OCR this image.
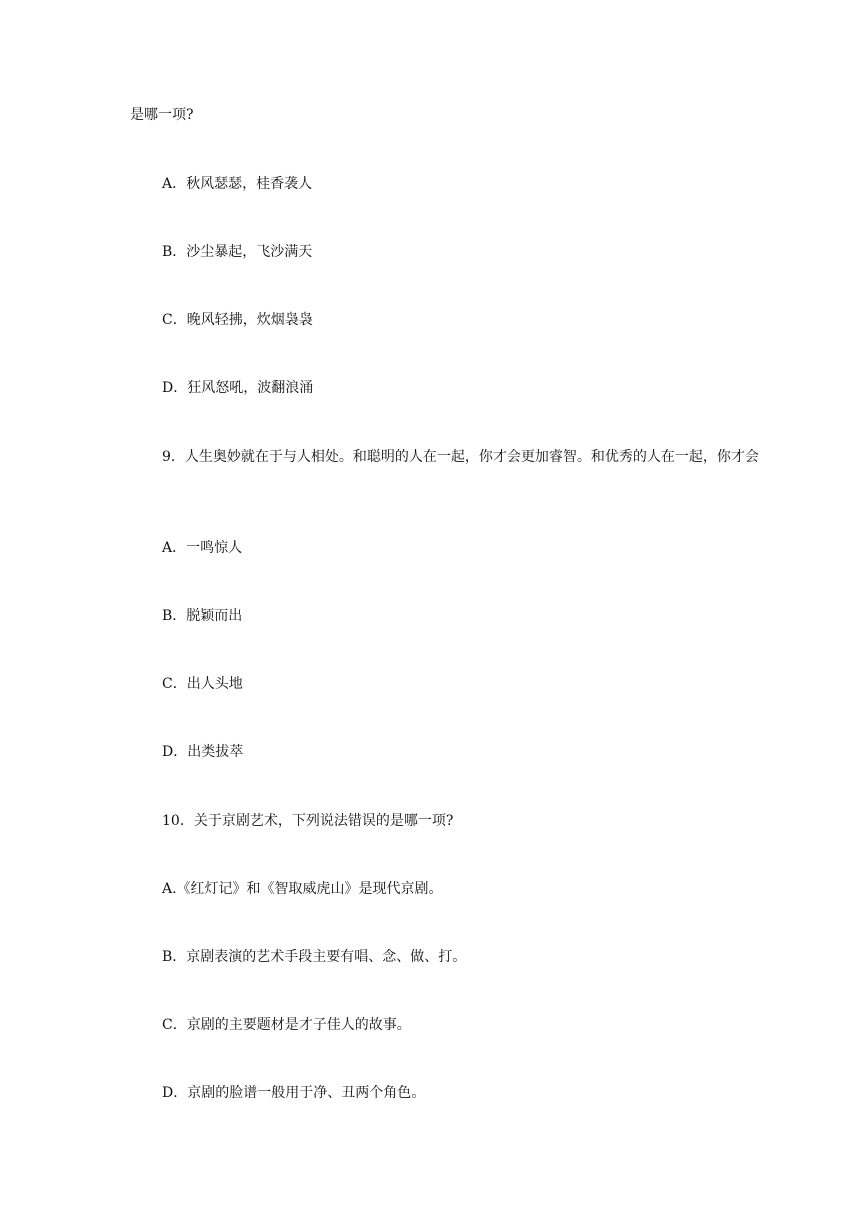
是哪一项?
A．秋风瑟瑟，桂香袭人
B．沙尘暴起，飞沙满天
C．晚风轻拂，炊烟袅袅
D．狂风怒吼，波翻浪涌
9．人生奥妙就在于与人相处。和聪明的人在一起，你才会更加睿智。和优秀的人在一起，你才会
A．一鸣惊人
B．脱颖而出
C．出人头地
D．出类拔萃
10．关于京剧艺术，下列说法错误的是哪一项?
A.《红灯记》和《智取威虎山》是现代京剧。
B．京剧表演的艺术手段主要有唱、念、做、打。
C．京剧的主要题材是才子佳人的故事。
D．京剧的脸谱一般用于净、丑两个角色。
